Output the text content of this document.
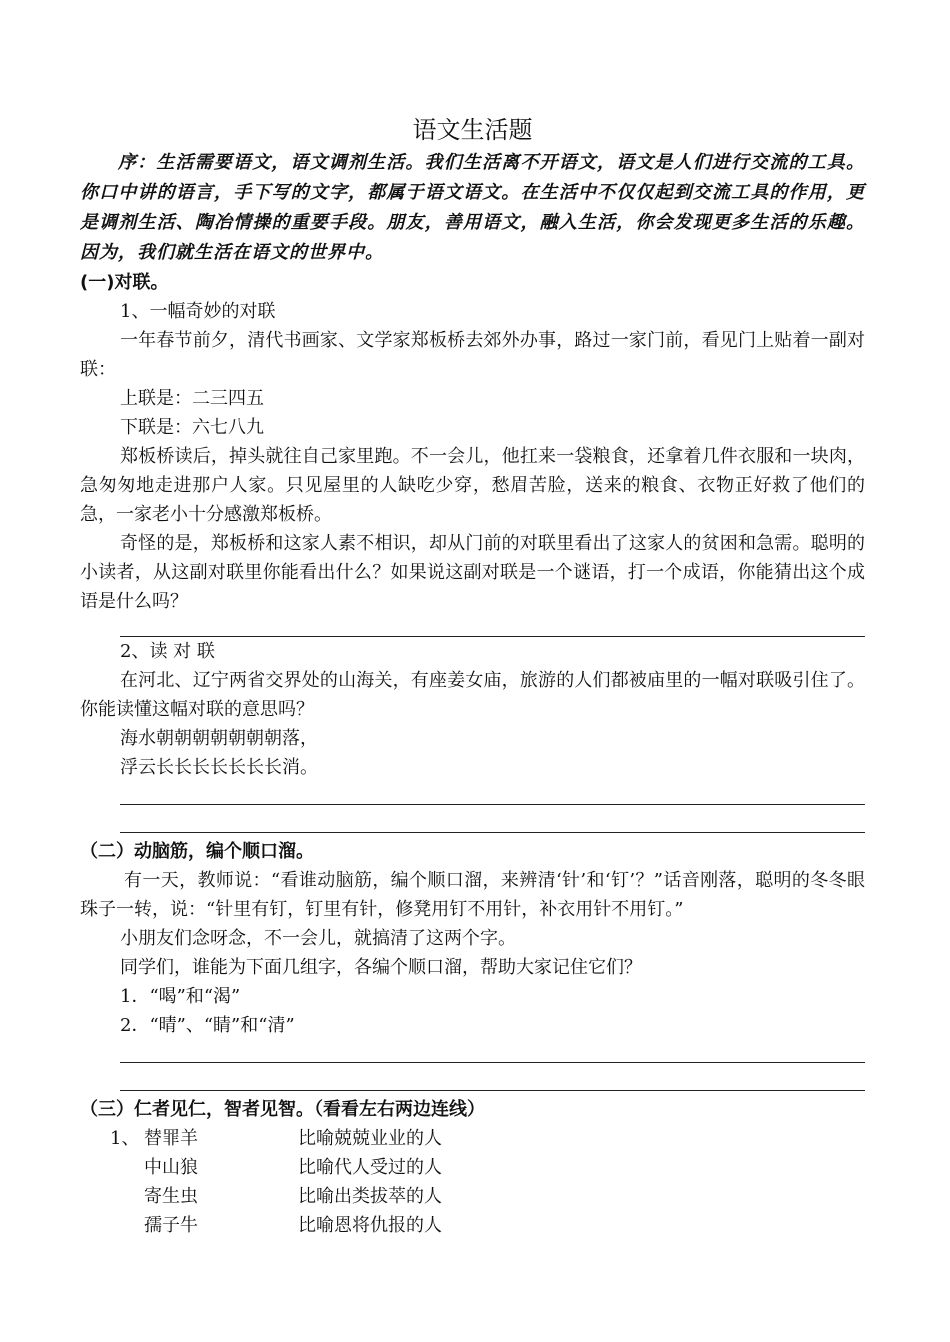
语文生活题

序：生活需要语文，语文调剂生活。我们生活离不开语文，语文是人们进行交流的工具。你口中讲的语言，手下写的文字，都属于语文语文。在生活中不仅仅起到交流工具的作用，更是调剂生活、陶冶情操的重要手段。朋友，善用语文，融入生活，你会发现更多生活的乐趣。因为，我们就生活在语文的世界中。

(一)对联。

1、一幅奇妙的对联

一年春节前夕，清代书画家、文学家郑板桥去郊外办事，路过一家门前，看见门上贴着一副对联：

上联是：二三四五

下联是：六七八九

郑板桥读后，掉头就往自己家里跑。不一会儿，他扛来一袋粮食，还拿着几件衣服和一块肉，急匆匆地走进那户人家。只见屋里的人缺吃少穿，愁眉苦脸，送来的粮食、衣物正好救了他们的急，一家老小十分感激郑板桥。

奇怪的是，郑板桥和这家人素不相识，却从门前的对联里看出了这家人的贫困和急需。聪明的小读者，从这副对联里你能看出什么？如果说这副对联是一个谜语，打一个成语，你能猜出这个成语是什么吗？

2、读 对 联

在河北、辽宁两省交界处的山海关，有座姜女庙，旅游的人们都被庙里的一幅对联吸引住了。你能读懂这幅对联的意思吗？

海水朝朝朝朝朝朝朝落，

浮云长长长长长长长消。

（二）动脑筋，编个顺口溜。

有一天，教师说：“看谁动脑筋，编个顺口溜，来辨清‘针’和‘钉’？”话音刚落，聪明的冬冬眼珠子一转，说：“针里有钉，钉里有针，修凳用钉不用针，补衣用针不用钉。”

小朋友们念呀念，不一会儿，就搞清了这两个字。

同学们，谁能为下面几组字，各编个顺口溜，帮助大家记住它们？

1．“喝”和“渴”

2．“晴”、“睛”和“清”

（三）仁者见仁，智者见智。（看看左右两边连线）

1、 替罪羊	比喻兢兢业业的人
中山狼	比喻代人受过的人
寄生虫	比喻出类拔萃的人
孺子牛	比喻恩将仇报的人
